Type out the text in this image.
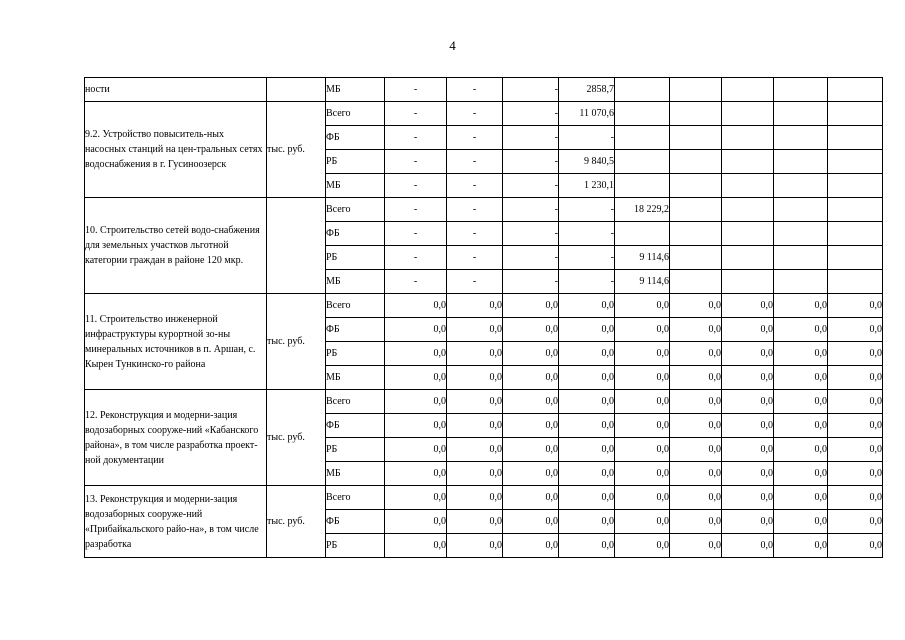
4
ности		МБ	-	-	-	2858,7					
9.2. Устройство повыситель-ных насосных станций на цен-тральных сетях водоснабжения в г. Гусиноозерск	тыс. руб.	Всего	-	-	-	11 070,6					
		ФБ	-	-	-	-					
		РБ	-	-	-	9 840,5					
		МБ	-	-	-	1 230,1					
10. Строительство сетей водо-снабжения для земельных участков льготной категории граждан в районе 120 мкр.		Всего	-	-	-	-	18 229,2				
		ФБ	-	-	-	-					
		РБ	-	-	-	-	9 114,6				
		МБ	-	-	-	-	9 114,6				
11. Строительство инженерной инфраструктуры курортной зо-ны минеральных источников в п. Аршан, с. Кырен Тункинско-го района	тыс. руб.	Всего	0,0	0,0	0,0	0,0	0,0	0,0	0,0	0,0	0,0
		ФБ	0,0	0,0	0,0	0,0	0,0	0,0	0,0	0,0	0,0
		РБ	0,0	0,0	0,0	0,0	0,0	0,0	0,0	0,0	0,0
		МБ	0,0	0,0	0,0	0,0	0,0	0,0	0,0	0,0	0,0
12. Реконструкция и модерни-зация водозаборных сооруже-ний «Кабанского района», в том числе разработка проект-ной документации	тыс. руб.	Всего	0,0	0,0	0,0	0,0	0,0	0,0	0,0	0,0	0,0
		ФБ	0,0	0,0	0,0	0,0	0,0	0,0	0,0	0,0	0,0
		РБ	0,0	0,0	0,0	0,0	0,0	0,0	0,0	0,0	0,0
		МБ	0,0	0,0	0,0	0,0	0,0	0,0	0,0	0,0	0,0
13. Реконструкция и модерни-зация водозаборных сооруже-ний «Прибайкальского райо-на», в том числе разработка	тыс. руб.	Всего	0,0	0,0	0,0	0,0	0,0	0,0	0,0	0,0	0,0
		ФБ	0,0	0,0	0,0	0,0	0,0	0,0	0,0	0,0	0,0
		РБ	0,0	0,0	0,0	0,0	0,0	0,0	0,0	0,0	0,0
